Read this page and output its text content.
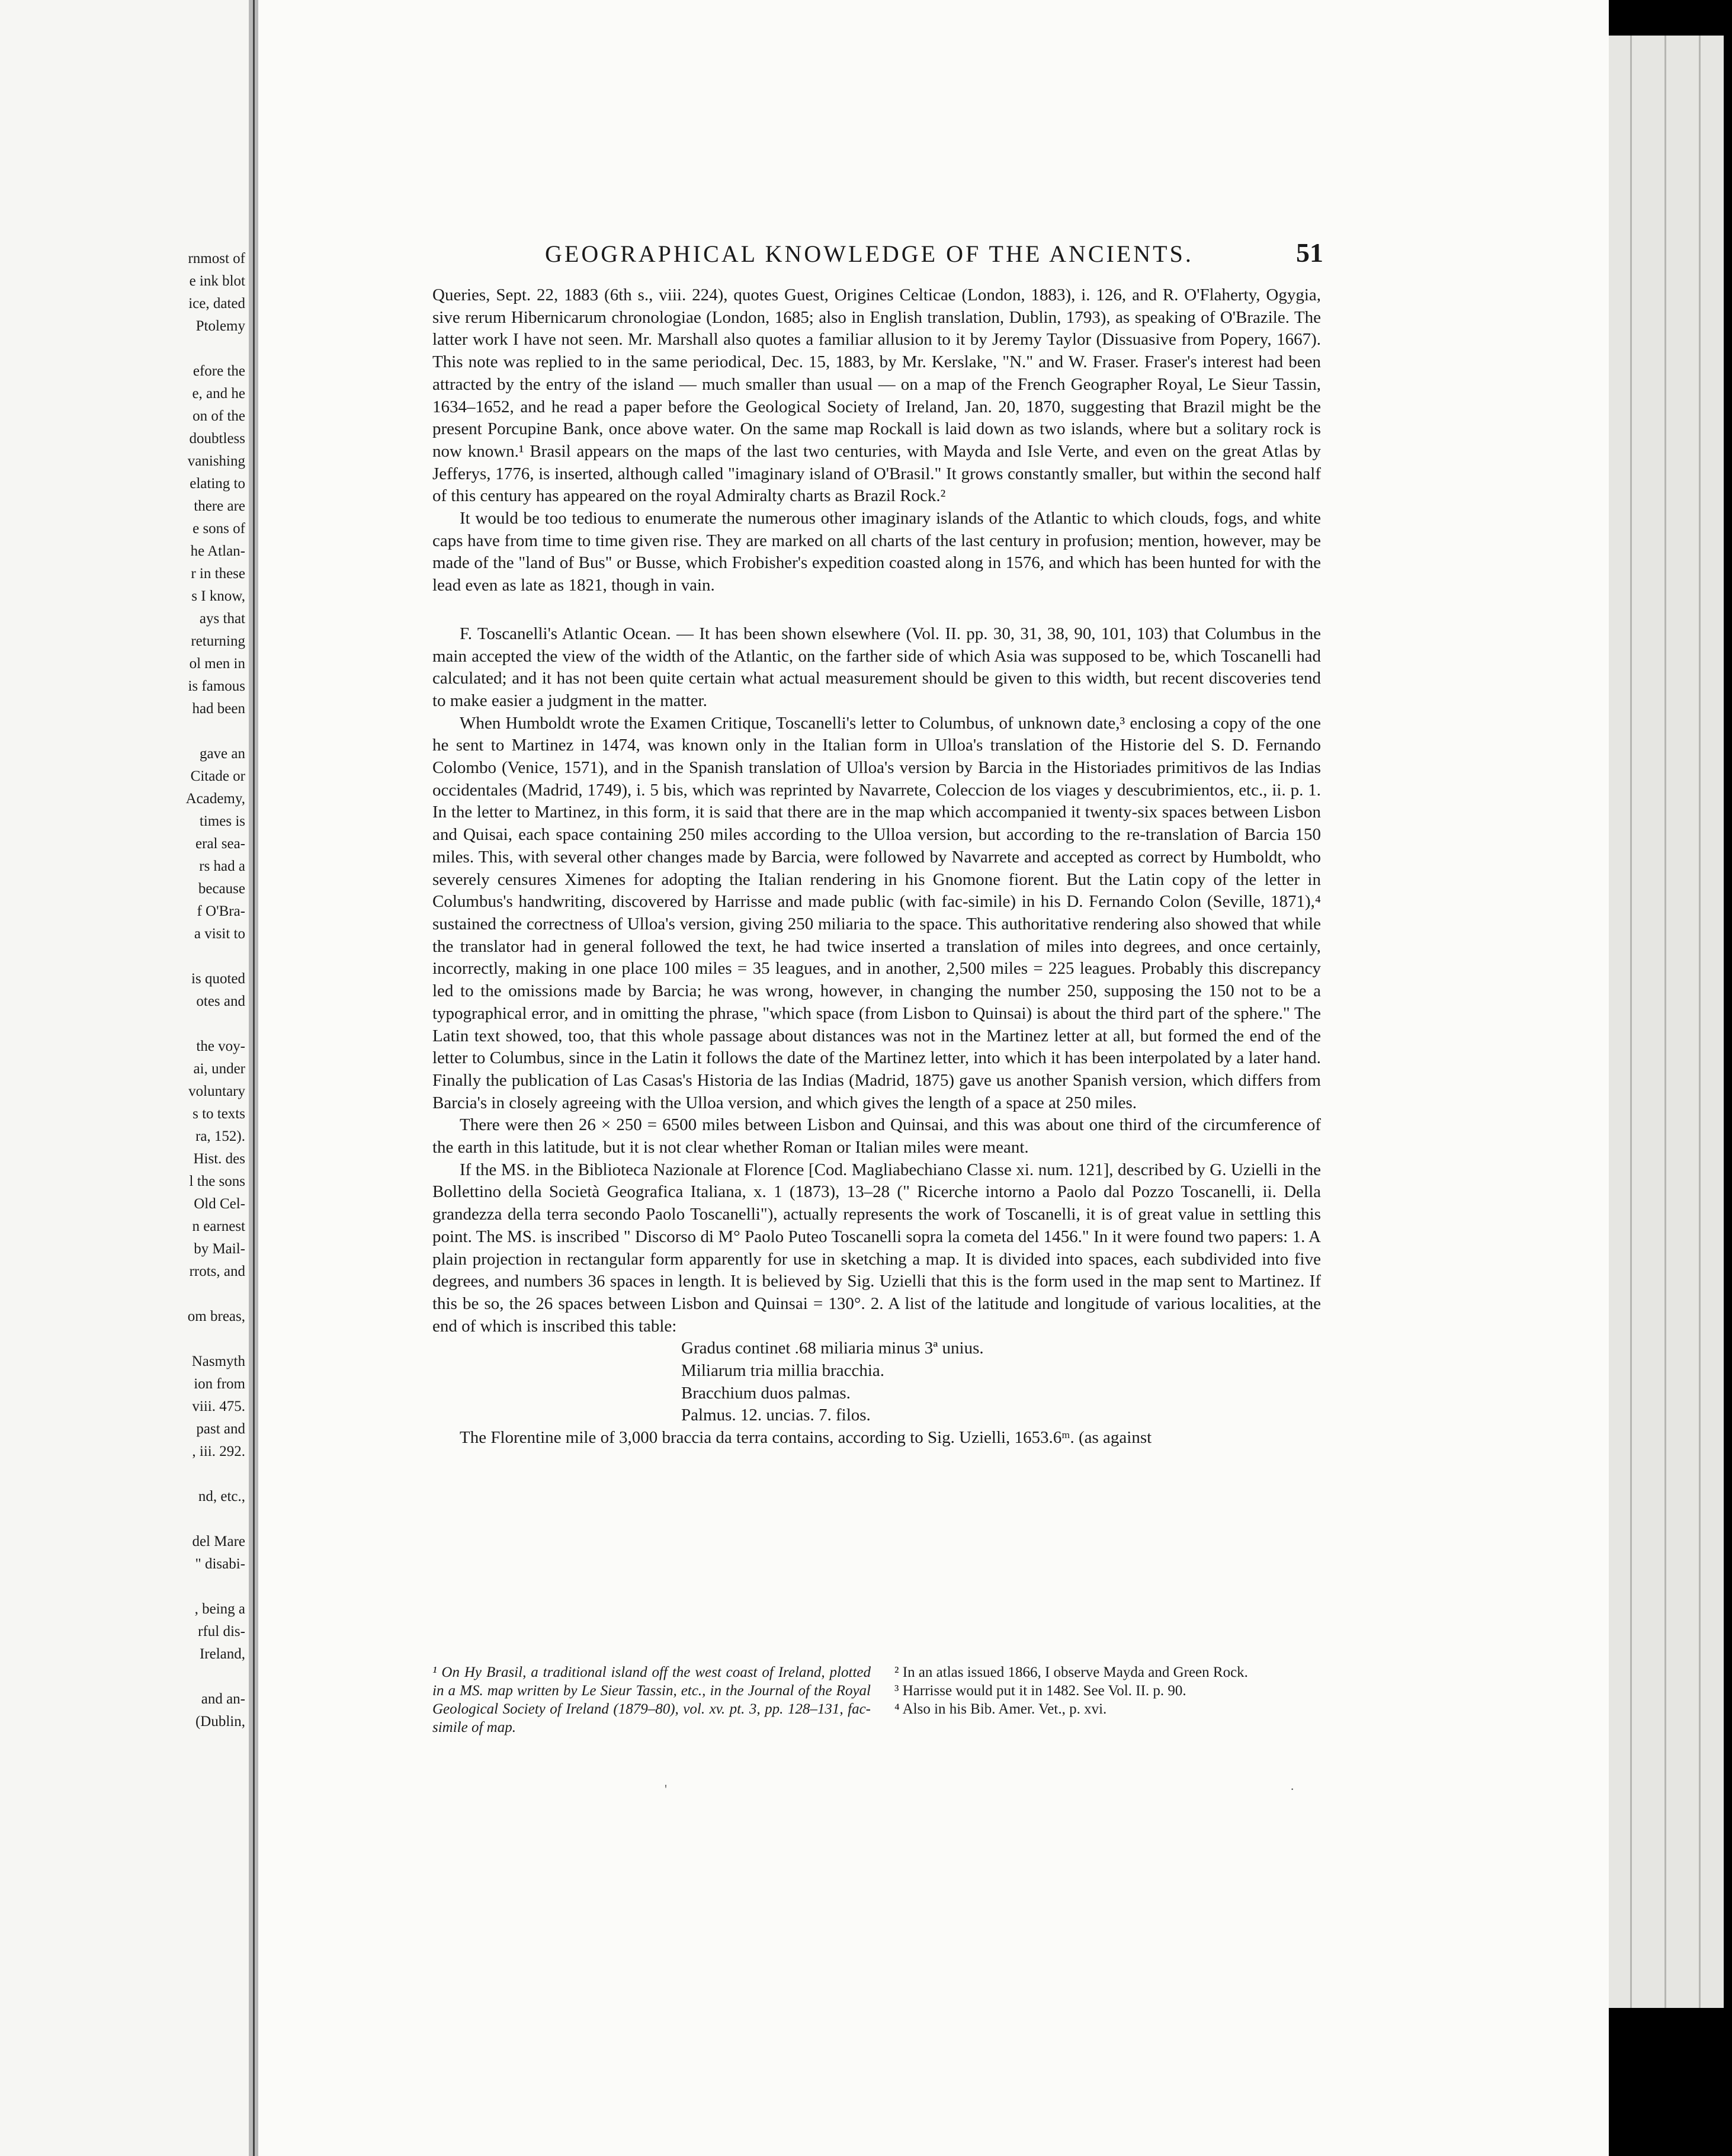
rnmost of
e ink blot
ice, dated
Ptolemy
efore the
e, and he
on of the
doubtless
vanishing
elating to
there are
e sons of
he Atlan-
r in these
s I know,
ays that
returning
ol men in
is famous
had been
gave an
Citade or
Academy,
times is
eral sea-
rs had a
because
f O'Bra-
a visit to
is quoted
otes and
the voy-
ai, under
voluntary
s to texts
ra, 152).
Hist. des
l the sons
Old Cel-
n earnest
by Mail-
rrots, and
om breas,
Nasmyth
ion from
viii. 475.
past and
, iii. 292.
nd, etc.,
del Mare
" disabi-
, being a
rful dis-
Ireland,
and an-
(Dublin,
GEOGRAPHICAL KNOWLEDGE OF THE ANCIENTS.	51

Queries, Sept. 22, 1883 (6th s., viii. 224), quotes Guest, Origines Celticae (London, 1883), i. 126, and R. O'Flaherty, Ogygia, sive rerum Hibernicarum chronologiae (London, 1685; also in English translation, Dublin, 1793), as speaking of O'Brazile. The latter work I have not seen. Mr. Marshall also quotes a familiar allusion to it by Jeremy Taylor (Dissuasive from Popery, 1667). This note was replied to in the same periodical, Dec. 15, 1883, by Mr. Kerslake, "N." and W. Fraser. Fraser's interest had been attracted by the entry of the island — much smaller than usual — on a map of the French Geographer Royal, Le Sieur Tassin, 1634–1652, and he read a paper before the Geological Society of Ireland, Jan. 20, 1870, suggesting that Brazil might be the present Porcupine Bank, once above water. On the same map Rockall is laid down as two islands, where but a solitary rock is now known.¹ Brasil appears on the maps of the last two centuries, with Mayda and Isle Verte, and even on the great Atlas by Jefferys, 1776, is inserted, although called "imaginary island of O'Brasil." It grows constantly smaller, but within the second half of this century has appeared on the royal Admiralty charts as Brazil Rock.²

It would be too tedious to enumerate the numerous other imaginary islands of the Atlantic to which clouds, fogs, and white caps have from time to time given rise. They are marked on all charts of the last century in profusion; mention, however, may be made of the "land of Bus" or Busse, which Frobisher's expedition coasted along in 1576, and which has been hunted for with the lead even as late as 1821, though in vain.

F. Toscanelli's Atlantic Ocean. — It has been shown elsewhere (Vol. II. pp. 30, 31, 38, 90, 101, 103) that Columbus in the main accepted the view of the width of the Atlantic, on the farther side of which Asia was supposed to be, which Toscanelli had calculated; and it has not been quite certain what actual measurement should be given to this width, but recent discoveries tend to make easier a judgment in the matter.

When Humboldt wrote the Examen Critique, Toscanelli's letter to Columbus, of unknown date,³ enclosing a copy of the one he sent to Martinez in 1474, was known only in the Italian form in Ulloa's translation of the Historie del S. D. Fernando Colombo (Venice, 1571), and in the Spanish translation of Ulloa's version by Barcia in the Historiades primitivos de las Indias occidentales (Madrid, 1749), i. 5 bis, which was reprinted by Navarrete, Coleccion de los viages y descubrimientos, etc., ii. p. 1. In the letter to Martinez, in this form, it is said that there are in the map which accompanied it twenty-six spaces between Lisbon and Quisai, each space containing 250 miles according to the Ulloa version, but according to the re-translation of Barcia 150 miles. This, with several other changes made by Barcia, were followed by Navarrete and accepted as correct by Humboldt, who severely censures Ximenes for adopting the Italian rendering in his Gnomone fiorent. But the Latin copy of the letter in Columbus's handwriting, discovered by Harrisse and made public (with fac-simile) in his D. Fernando Colon (Seville, 1871),⁴ sustained the correctness of Ulloa's version, giving 250 miliaria to the space. This authoritative rendering also showed that while the translator had in general followed the text, he had twice inserted a translation of miles into degrees, and once certainly, incorrectly, making in one place 100 miles = 35 leagues, and in another, 2,500 miles = 225 leagues. Probably this discrepancy led to the omissions made by Barcia; he was wrong, however, in changing the number 250, supposing the 150 not to be a typographical error, and in omitting the phrase, "which space (from Lisbon to Quinsai) is about the third part of the sphere." The Latin text showed, too, that this whole passage about distances was not in the Martinez letter at all, but formed the end of the letter to Columbus, since in the Latin it follows the date of the Martinez letter, into which it has been interpolated by a later hand. Finally the publication of Las Casas's Historia de las Indias (Madrid, 1875) gave us another Spanish version, which differs from Barcia's in closely agreeing with the Ulloa version, and which gives the length of a space at 250 miles.

There were then 26 × 250 = 6500 miles between Lisbon and Quinsai, and this was about one third of the circumference of the earth in this latitude, but it is not clear whether Roman or Italian miles were meant.

If the MS. in the Biblioteca Nazionale at Florence [Cod. Magliabechiano Classe xi. num. 121], described by G. Uzielli in the Bollettino della Società Geografica Italiana, x. 1 (1873), 13–28 (" Ricerche intorno a Paolo dal Pozzo Toscanelli, ii. Della grandezza della terra secondo Paolo Toscanelli"), actually represents the work of Toscanelli, it is of great value in settling this point. The MS. is inscribed " Discorso di M° Paolo Puteo Toscanelli sopra la cometa del 1456." In it were found two papers: 1. A plain projection in rectangular form apparently for use in sketching a map. It is divided into spaces, each subdivided into five degrees, and numbers 36 spaces in length. It is believed by Sig. Uzielli that this is the form used in the map sent to Martinez. If this be so, the 26 spaces between Lisbon and Quinsai = 130°. 2. A list of the latitude and longitude of various localities, at the end of which is inscribed this table:

Gradus continet .68 miliaria minus 3ª unius.
Miliarum tria millia bracchia.
Bracchium duos palmas.
Palmus. 12. uncias. 7. filos.

The Florentine mile of 3,000 braccia da terra contains, according to Sig. Uzielli, 1653.6ᵐ. (as against

¹ On Hy Brasil, a traditional island off the west coast of Ireland, plotted in a MS. map written by Le Sieur Tassin, etc., in the Journal of the Royal Geological Society of Ireland (1879–80), vol. xv. pt. 3, pp. 128–131, fac-simile of map.
² In an atlas issued 1866, I observe Mayda and Green Rock.
³ Harrisse would put it in 1482. See Vol. II. p. 90.
⁴ Also in his Bib. Amer. Vet., p. xvi.
'	·
